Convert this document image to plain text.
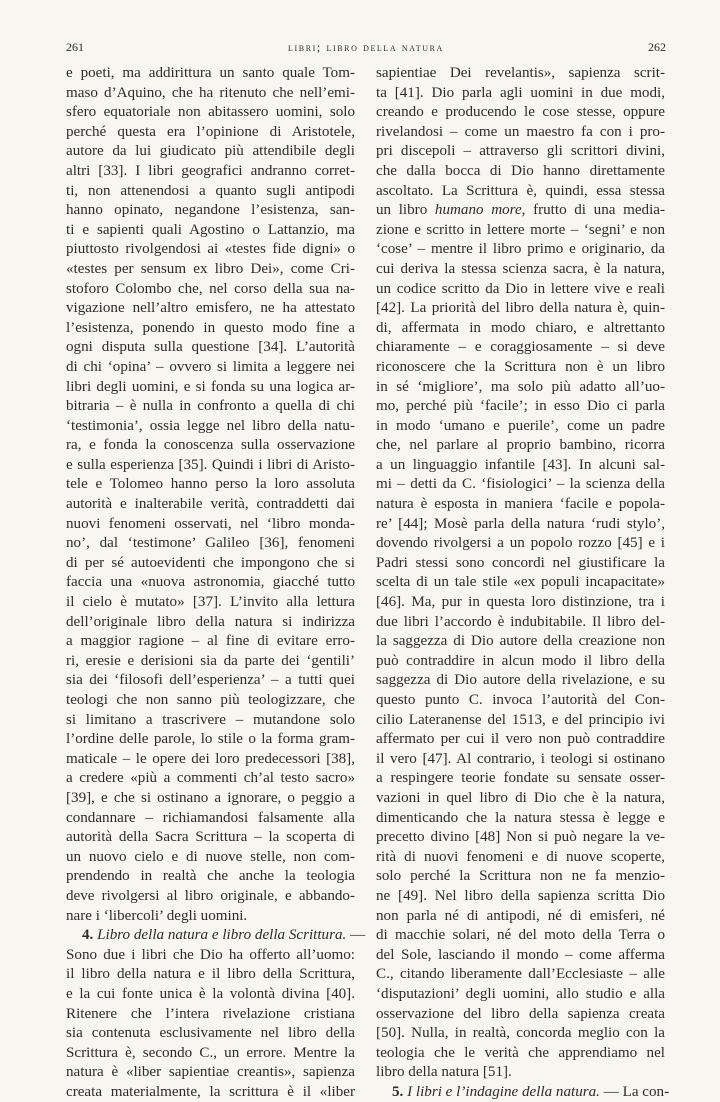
261	libri; libro della natura	262
e poeti, ma addirittura un santo quale Tom-
maso d’Aquino, che ha ritenuto che nell’emi-
sfero equatoriale non abitassero uomini, solo
perché questa era l’opinione di Aristotele,
autore da lui giudicato più attendibile degli
altri [33]. I libri geografici andranno corret-
ti, non attenendosi a quanto sugli antipodi
hanno opinato, negandone l’esistenza, san-
ti e sapienti quali Agostino o Lattanzio, ma
piuttosto rivolgendosi ai «testes fide digni» o
«testes per sensum ex libro Dei», come Cri-
stoforo Colombo che, nel corso della sua na-
vigazione nell’altro emisfero, ne ha attestato
l’esistenza, ponendo in questo modo fine a
ogni disputa sulla questione [34]. L’autorità
di chi ‘opina’ – ovvero si limita a leggere nei
libri degli uomini, e si fonda su una logica ar-
bitraria – è nulla in confronto a quella di chi
‘testimonia’, ossia legge nel libro della natu-
ra, e fonda la conoscenza sulla osservazione
e sulla esperienza [35]. Quindi i libri di Aristo-
tele e Tolomeo hanno perso la loro assoluta
autorità e inalterabile verità, contraddetti dai
nuovi fenomeni osservati, nel ‘libro monda-
no’, dal ‘testimone’ Galileo [36], fenomeni
di per sé autoevidenti che impongono che si
faccia una «nuova astronomia, giacché tutto
il cielo è mutato» [37]. L’invito alla lettura
dell’originale libro della natura si indirizza
a maggior ragione – al fine di evitare erro-
ri, eresie e derisioni sia da parte dei ‘gentili’
sia dei ‘filosofi dell’esperienza’ – a tutti quei
teologi che non sanno più teologizzare, che
si limitano a trascrivere – mutandone solo
l’ordine delle parole, lo stile o la forma gram-
maticale – le opere dei loro predecessori [38],
a credere «più a commenti ch’al testo sacro»
[39], e che si ostinano a ignorare, o peggio a
condannare – richiamandosi falsamente alla
autorità della Sacra Scrittura – la scoperta di
un nuovo cielo e di nuove stelle, non com-
prendendo in realtà che anche la teologia
deve rivolgersi al libro originale, e abbando-
nare i ‘libercoli’ degli uomini.
4. Libro della natura e libro della Scrittura. —
Sono due i libri che Dio ha offerto all’uomo:
il libro della natura e il libro della Scrittura,
e la cui fonte unica è la volontà divina [40].
Ritenere che l’intera rivelazione cristiana
sia contenuta esclusivamente nel libro della
Scrittura è, secondo C., un errore. Mentre la
natura è «liber sapientiae creantis», sapienza
creata materialmente, la scrittura è il «liber
sapientiae Dei revelantis», sapienza scrit-
ta [41]. Dio parla agli uomini in due modi,
creando e producendo le cose stesse, oppure
rivelandosi – come un maestro fa con i pro-
pri discepoli – attraverso gli scrittori divini,
che dalla bocca di Dio hanno direttamente
ascoltato. La Scrittura è, quindi, essa stessa
un libro humano more, frutto di una media-
zione e scritto in lettere morte – ‘segni’ e non
‘cose’ – mentre il libro primo e originario, da
cui deriva la stessa scienza sacra, è la natura,
un codice scritto da Dio in lettere vive e reali
[42]. La priorità del libro della natura è, quin-
di, affermata in modo chiaro, e altrettanto
chiaramente – e coraggiosamente – si deve
riconoscere che la Scrittura non è un libro
in sé ‘migliore’, ma solo più adatto all’uo-
mo, perché più ‘facile’; in esso Dio ci parla
in modo ‘umano e puerile’, come un padre
che, nel parlare al proprio bambino, ricorra
a un linguaggio infantile [43]. In alcuni sal-
mi – detti da C. ‘fisiologici’ – la scienza della
natura è esposta in maniera ‘facile e popola-
re’ [44]; Mosè parla della natura ‘rudi stylo’,
dovendo rivolgersi a un popolo rozzo [45] e i
Padri stessi sono concordi nel giustificare la
scelta di un tale stile «ex populi incapacitate»
[46]. Ma, pur in questa loro distinzione, tra i
due libri l’accordo è indubitabile. Il libro del-
la saggezza di Dio autore della creazione non
può contraddire in alcun modo il libro della
saggezza di Dio autore della rivelazione, e su
questo punto C. invoca l’autorità del Con-
cilio Lateranense del 1513, e del principio ivi
affermato per cui il vero non può contraddire
il vero [47]. Al contrario, i teologi si ostinano
a respingere teorie fondate su sensate osser-
vazioni in quel libro di Dio che è la natura,
dimenticando che la natura stessa è legge e
precetto divino [48] Non si può negare la ve-
rità di nuovi fenomeni e di nuove scoperte,
solo perché la Scrittura non ne fa menzio-
ne [49]. Nel libro della sapienza scritta Dio
non parla né di antipodi, né di emisferi, né
di macchie solari, né del moto della Terra o
del Sole, lasciando il mondo – come afferma
C., citando liberamente dall’Ecclesiaste – alle
‘disputazioni’ degli uomini, allo studio e alla
osservazione del libro della sapienza creata
[50]. Nulla, in realtà, concorda meglio con la
teologia che le verità che apprendiamo nel
libro della natura [51].
5. I libri e l’indagine della natura. — La con-
